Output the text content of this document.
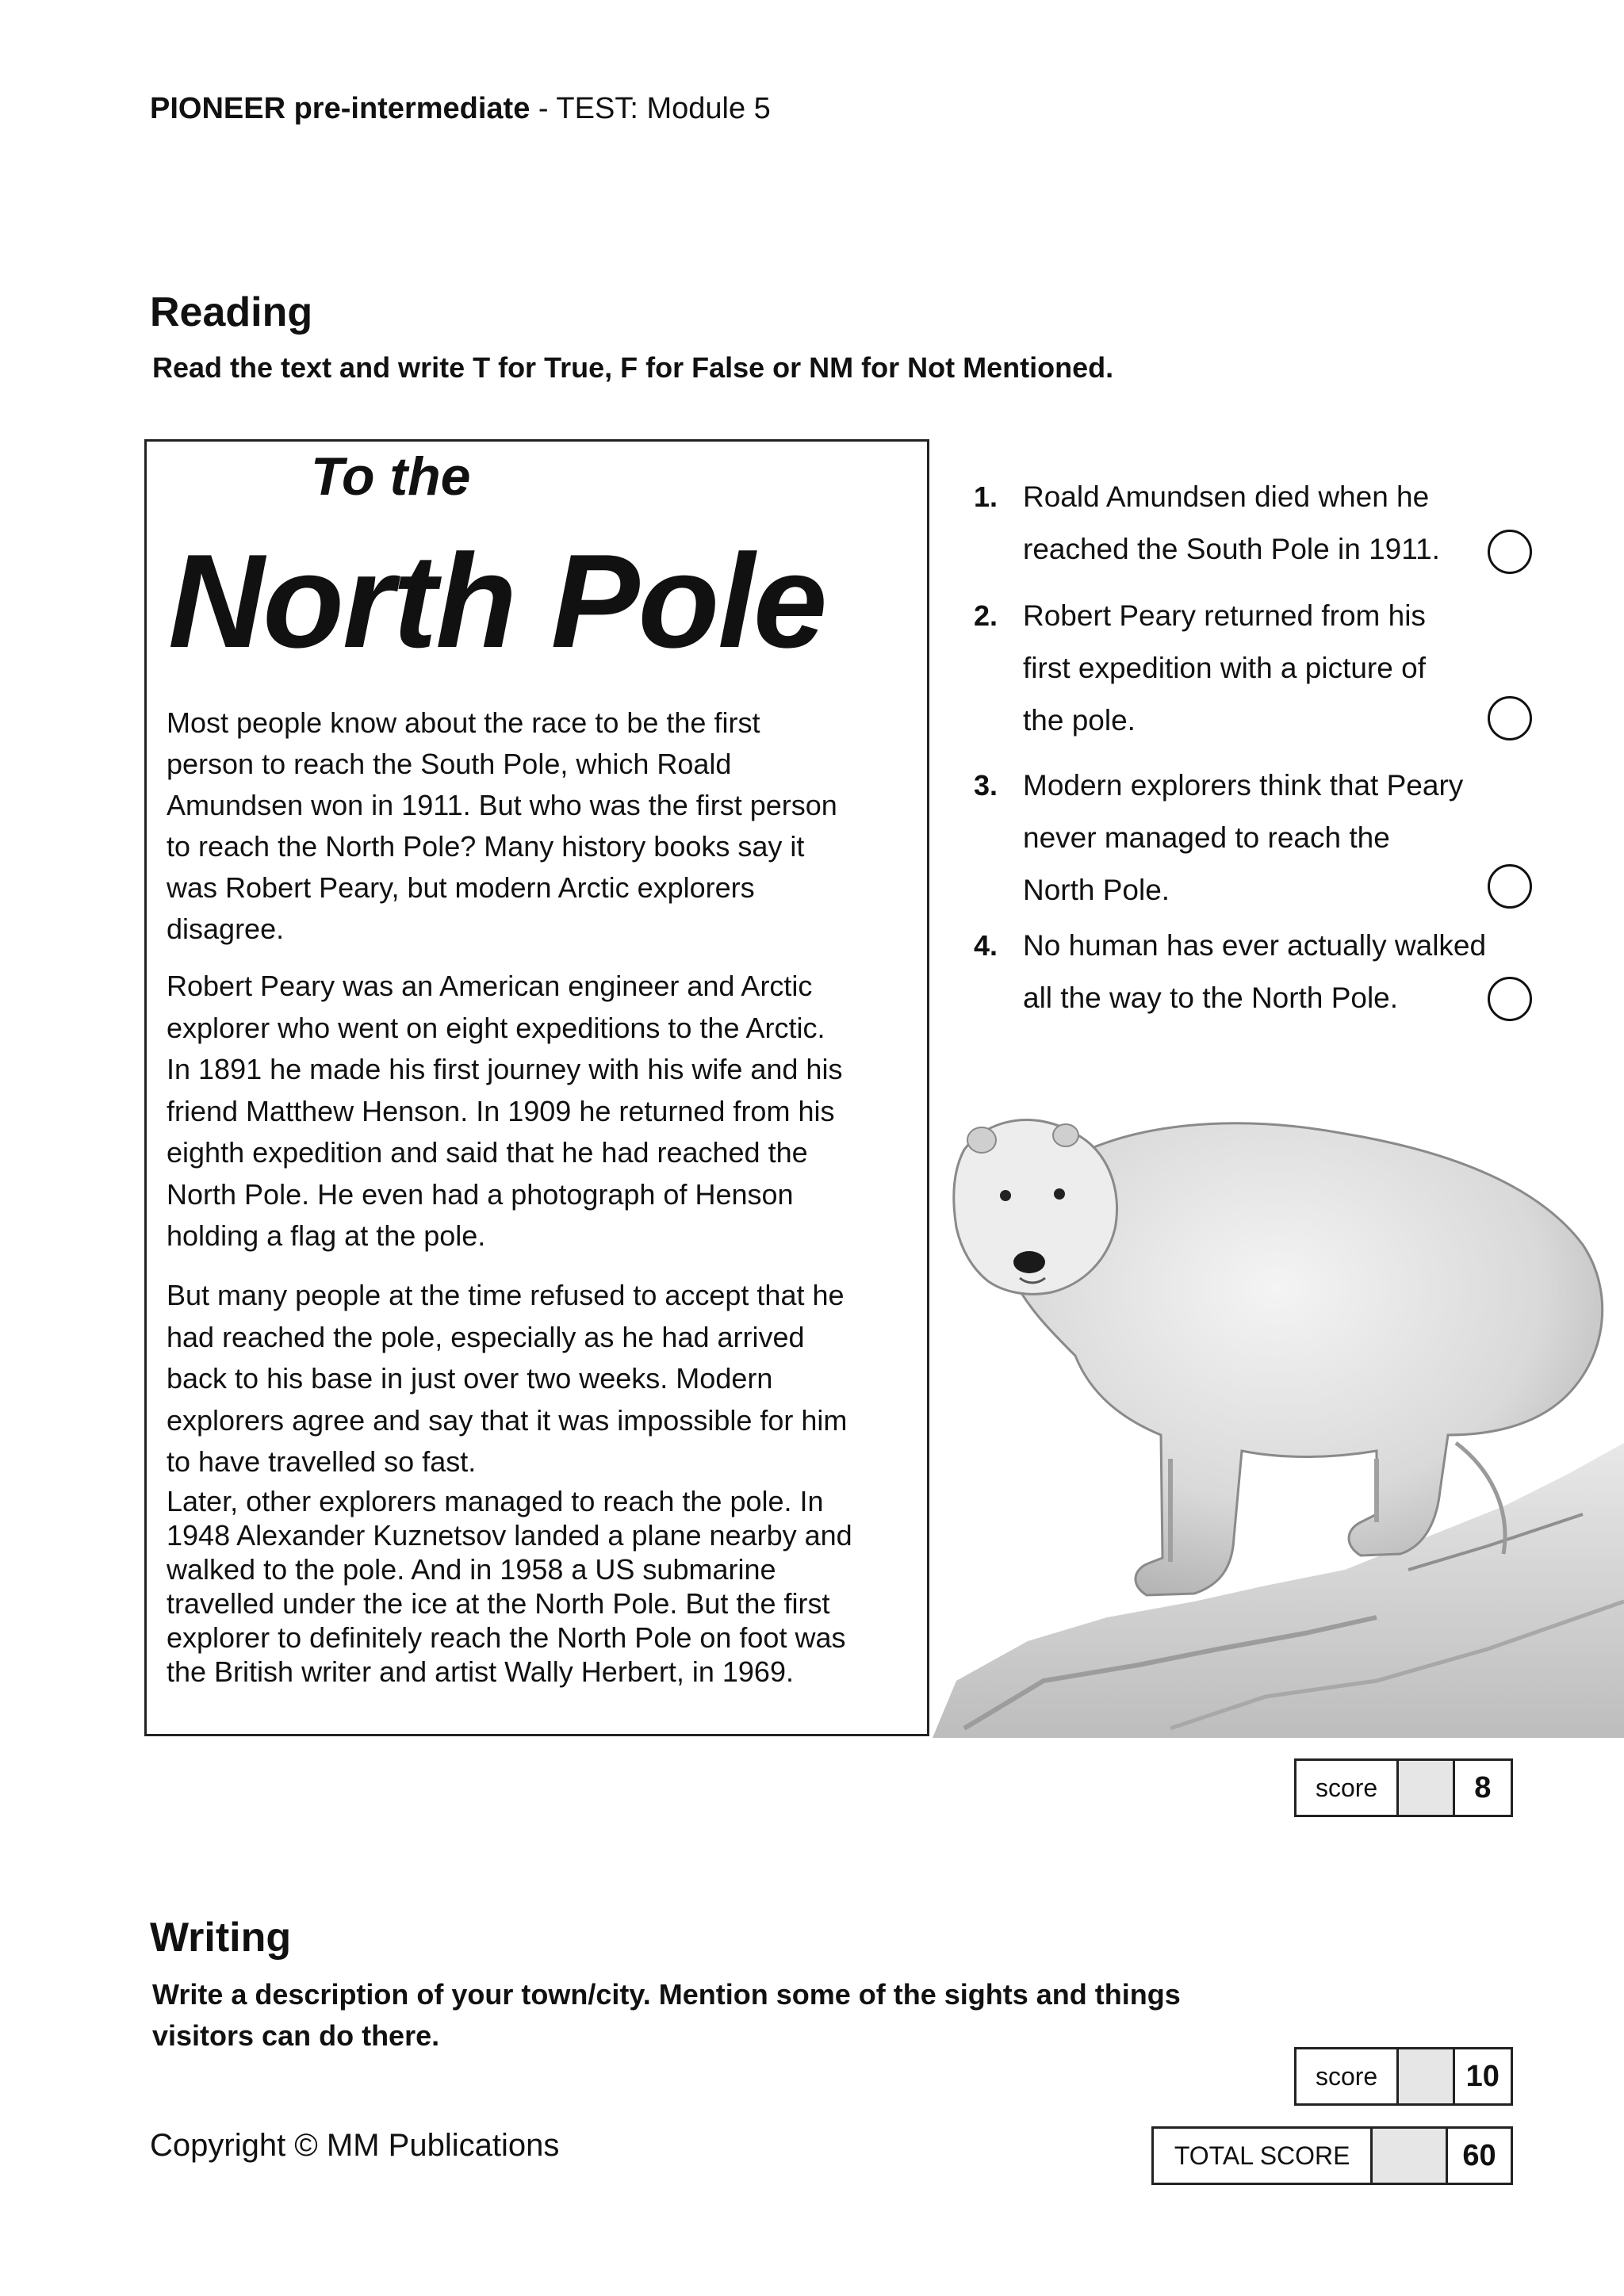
PIONEER pre-intermediate - TEST: Module 5
Reading
Read the text and write T for True, F for False or NM for Not Mentioned.
To the
North Pole
Most people know about the race to be the first
person to reach the South Pole, which Roald
Amundsen won in 1911. But who was the first person
to reach the North Pole? Many history books say it
was Robert Peary, but modern Arctic explorers
disagree.
Robert Peary was an American engineer and Arctic
explorer who went on eight expeditions to the Arctic.
In 1891 he made his first journey with his wife and his
friend Matthew Henson. In 1909 he returned from his
eighth expedition and said that he had reached the
North Pole. He even had a photograph of Henson
holding a flag at the pole.
But many people at the time refused to accept that he
had reached the pole, especially as he had arrived
back to his base in just over two weeks. Modern
explorers agree and say that it was impossible for him
to have travelled so fast.
Later, other explorers managed to reach the pole. In
1948 Alexander Kuznetsov landed a plane nearby and
walked to the pole. And in 1958 a US submarine
travelled under the ice at the North Pole. But the first
explorer to definitely reach the North Pole on foot was
the British writer and artist Wally Herbert, in 1969.
1. Roald Amundsen died when he
reached the South Pole in 1911.
2. Robert Peary returned from his
first expedition with a picture of
the pole.
3. Modern explorers think that Peary
never managed to reach the
North Pole.
4. No human has ever actually walked
all the way to the North Pole.
score	8
Writing
Write a description of your town/city. Mention some of the sights and things
visitors can do there.
score	10
TOTAL SCORE	60
Copyright © MM Publications
